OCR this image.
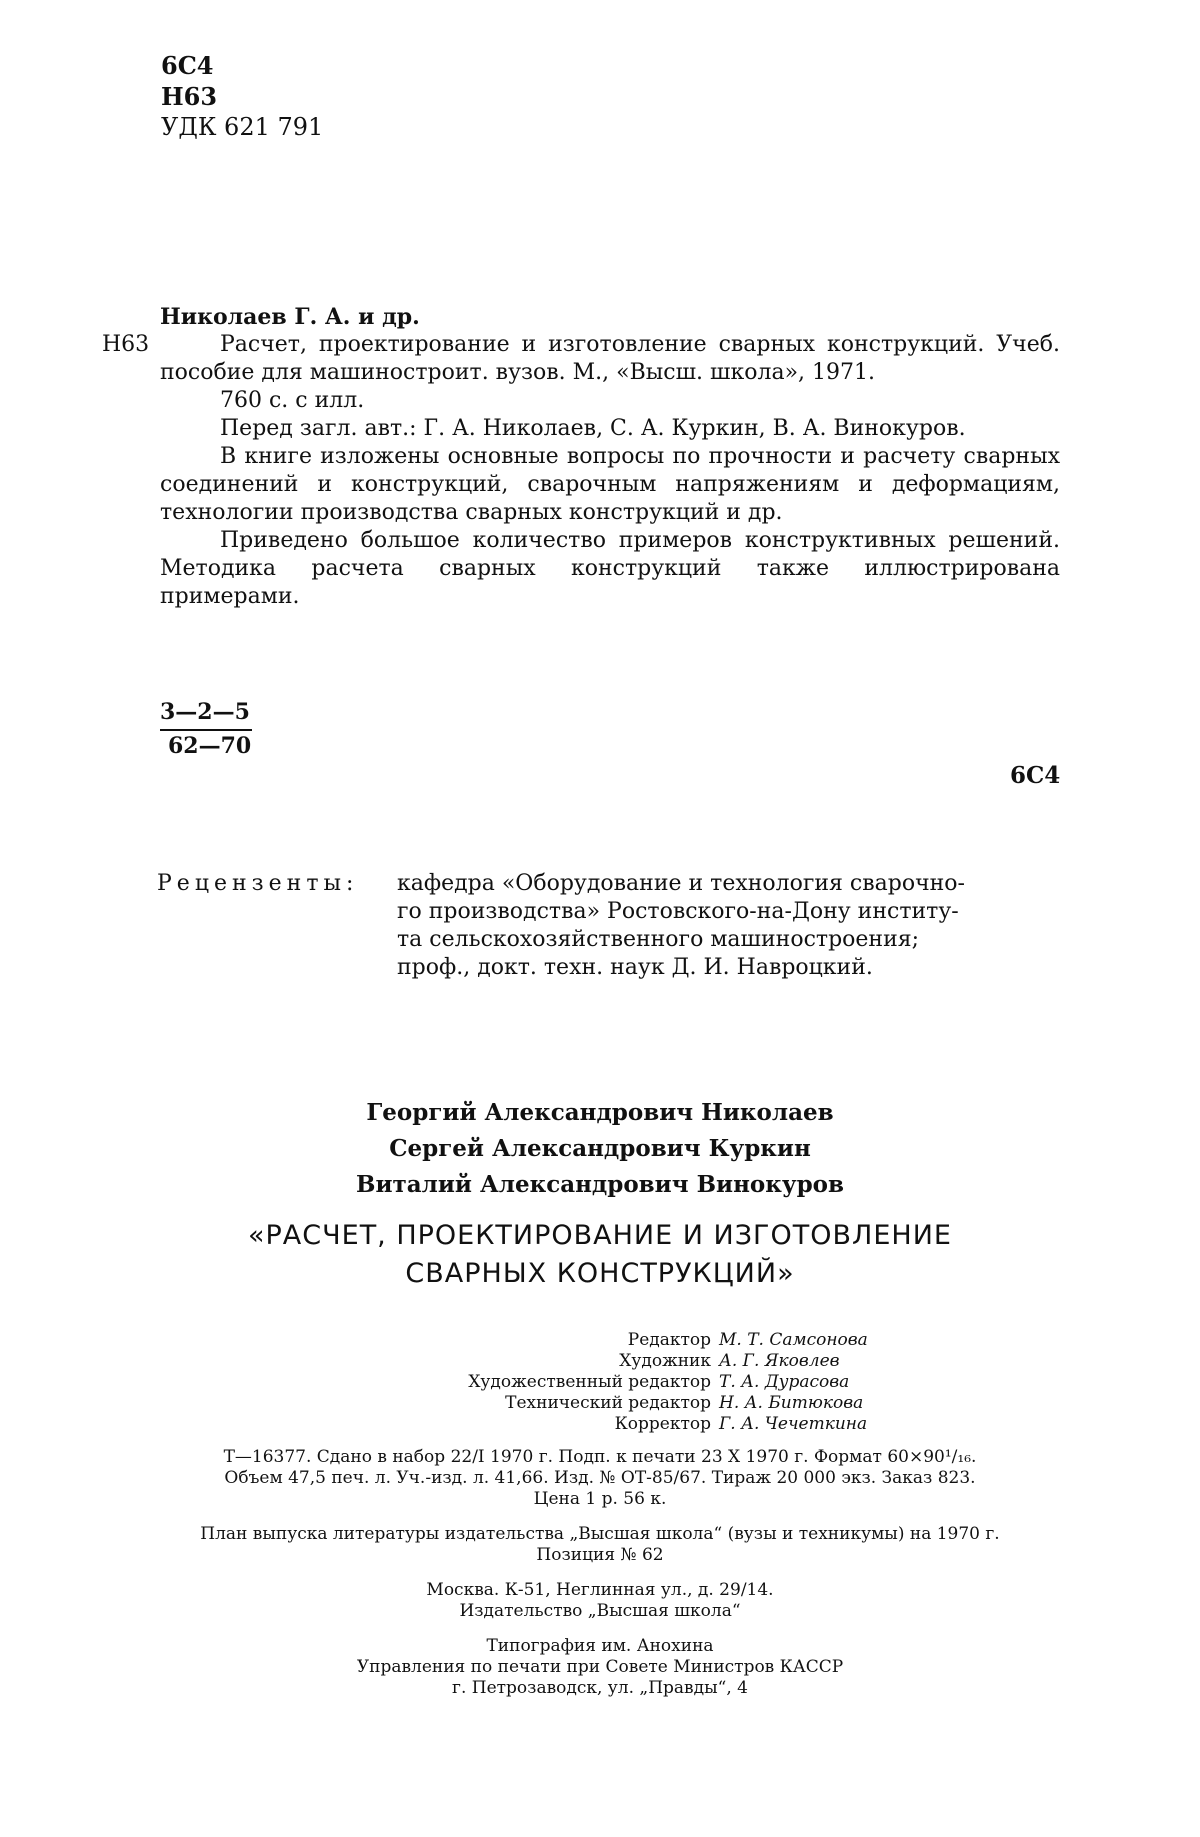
6С4
Н63
УДК 621 791
Николаев Г. А. и др.
Н63	Расчет, проектирование и изготовление сварных конструкций. Учеб. пособие для машиностроит. вузов. М., «Высш. школа», 1971.

760 с. с илл.

Перед загл. авт.: Г. А. Николаев, С. А. Куркин, В. А. Винокуров.

В книге изложены основные вопросы по прочности и расчету сварных соединений и конструкций, сварочным напряжениям и деформациям, технологии производства сварных конструкций и др.

Приведено большое количество примеров конструктивных решений. Методика расчета сварных конструкций также иллюстрирована примерами.

3—2—5
62—70
6С4
Рецензенты: кафедра «Оборудование и технология сварочно-
го производства» Ростовского-на-Дону институ-
та сельскохозяйственного машиностроения;
проф., докт. техн. наук Д. И. Навроцкий.
Георгий Александрович Николаев
Сергей Александрович Куркин
Виталий Александрович Винокуров
«РАСЧЕТ, ПРОЕКТИРОВАНИЕ И ИЗГОТОВЛЕНИЕ
СВАРНЫХ КОНСТРУКЦИЙ»
Редактор М. Т. Самсонова
Художник А. Г. Яковлев
Художественный редактор Т. А. Дурасова
Технический редактор Н. А. Битюкова
Корректор Г. А. Чечеткина
Т—16377. Сдано в набор 22/I 1970 г. Подп. к печати 23 X 1970 г. Формат 60×90¹/₁₆.
Объем 47,5 печ. л. Уч.-изд. л. 41,66. Изд. № ОТ-85/67. Тираж 20 000 экз. Заказ 823.
Цена 1 р. 56 к.
План выпуска литературы издательства „Высшая школа“ (вузы и техникумы) на 1970 г.
Позиция № 62
Москва. К-51, Неглинная ул., д. 29/14.
Издательство „Высшая школа“
Типография им. Анохина
Управления по печати при Совете Министров КАССР
г. Петрозаводск, ул. „Правды“, 4
